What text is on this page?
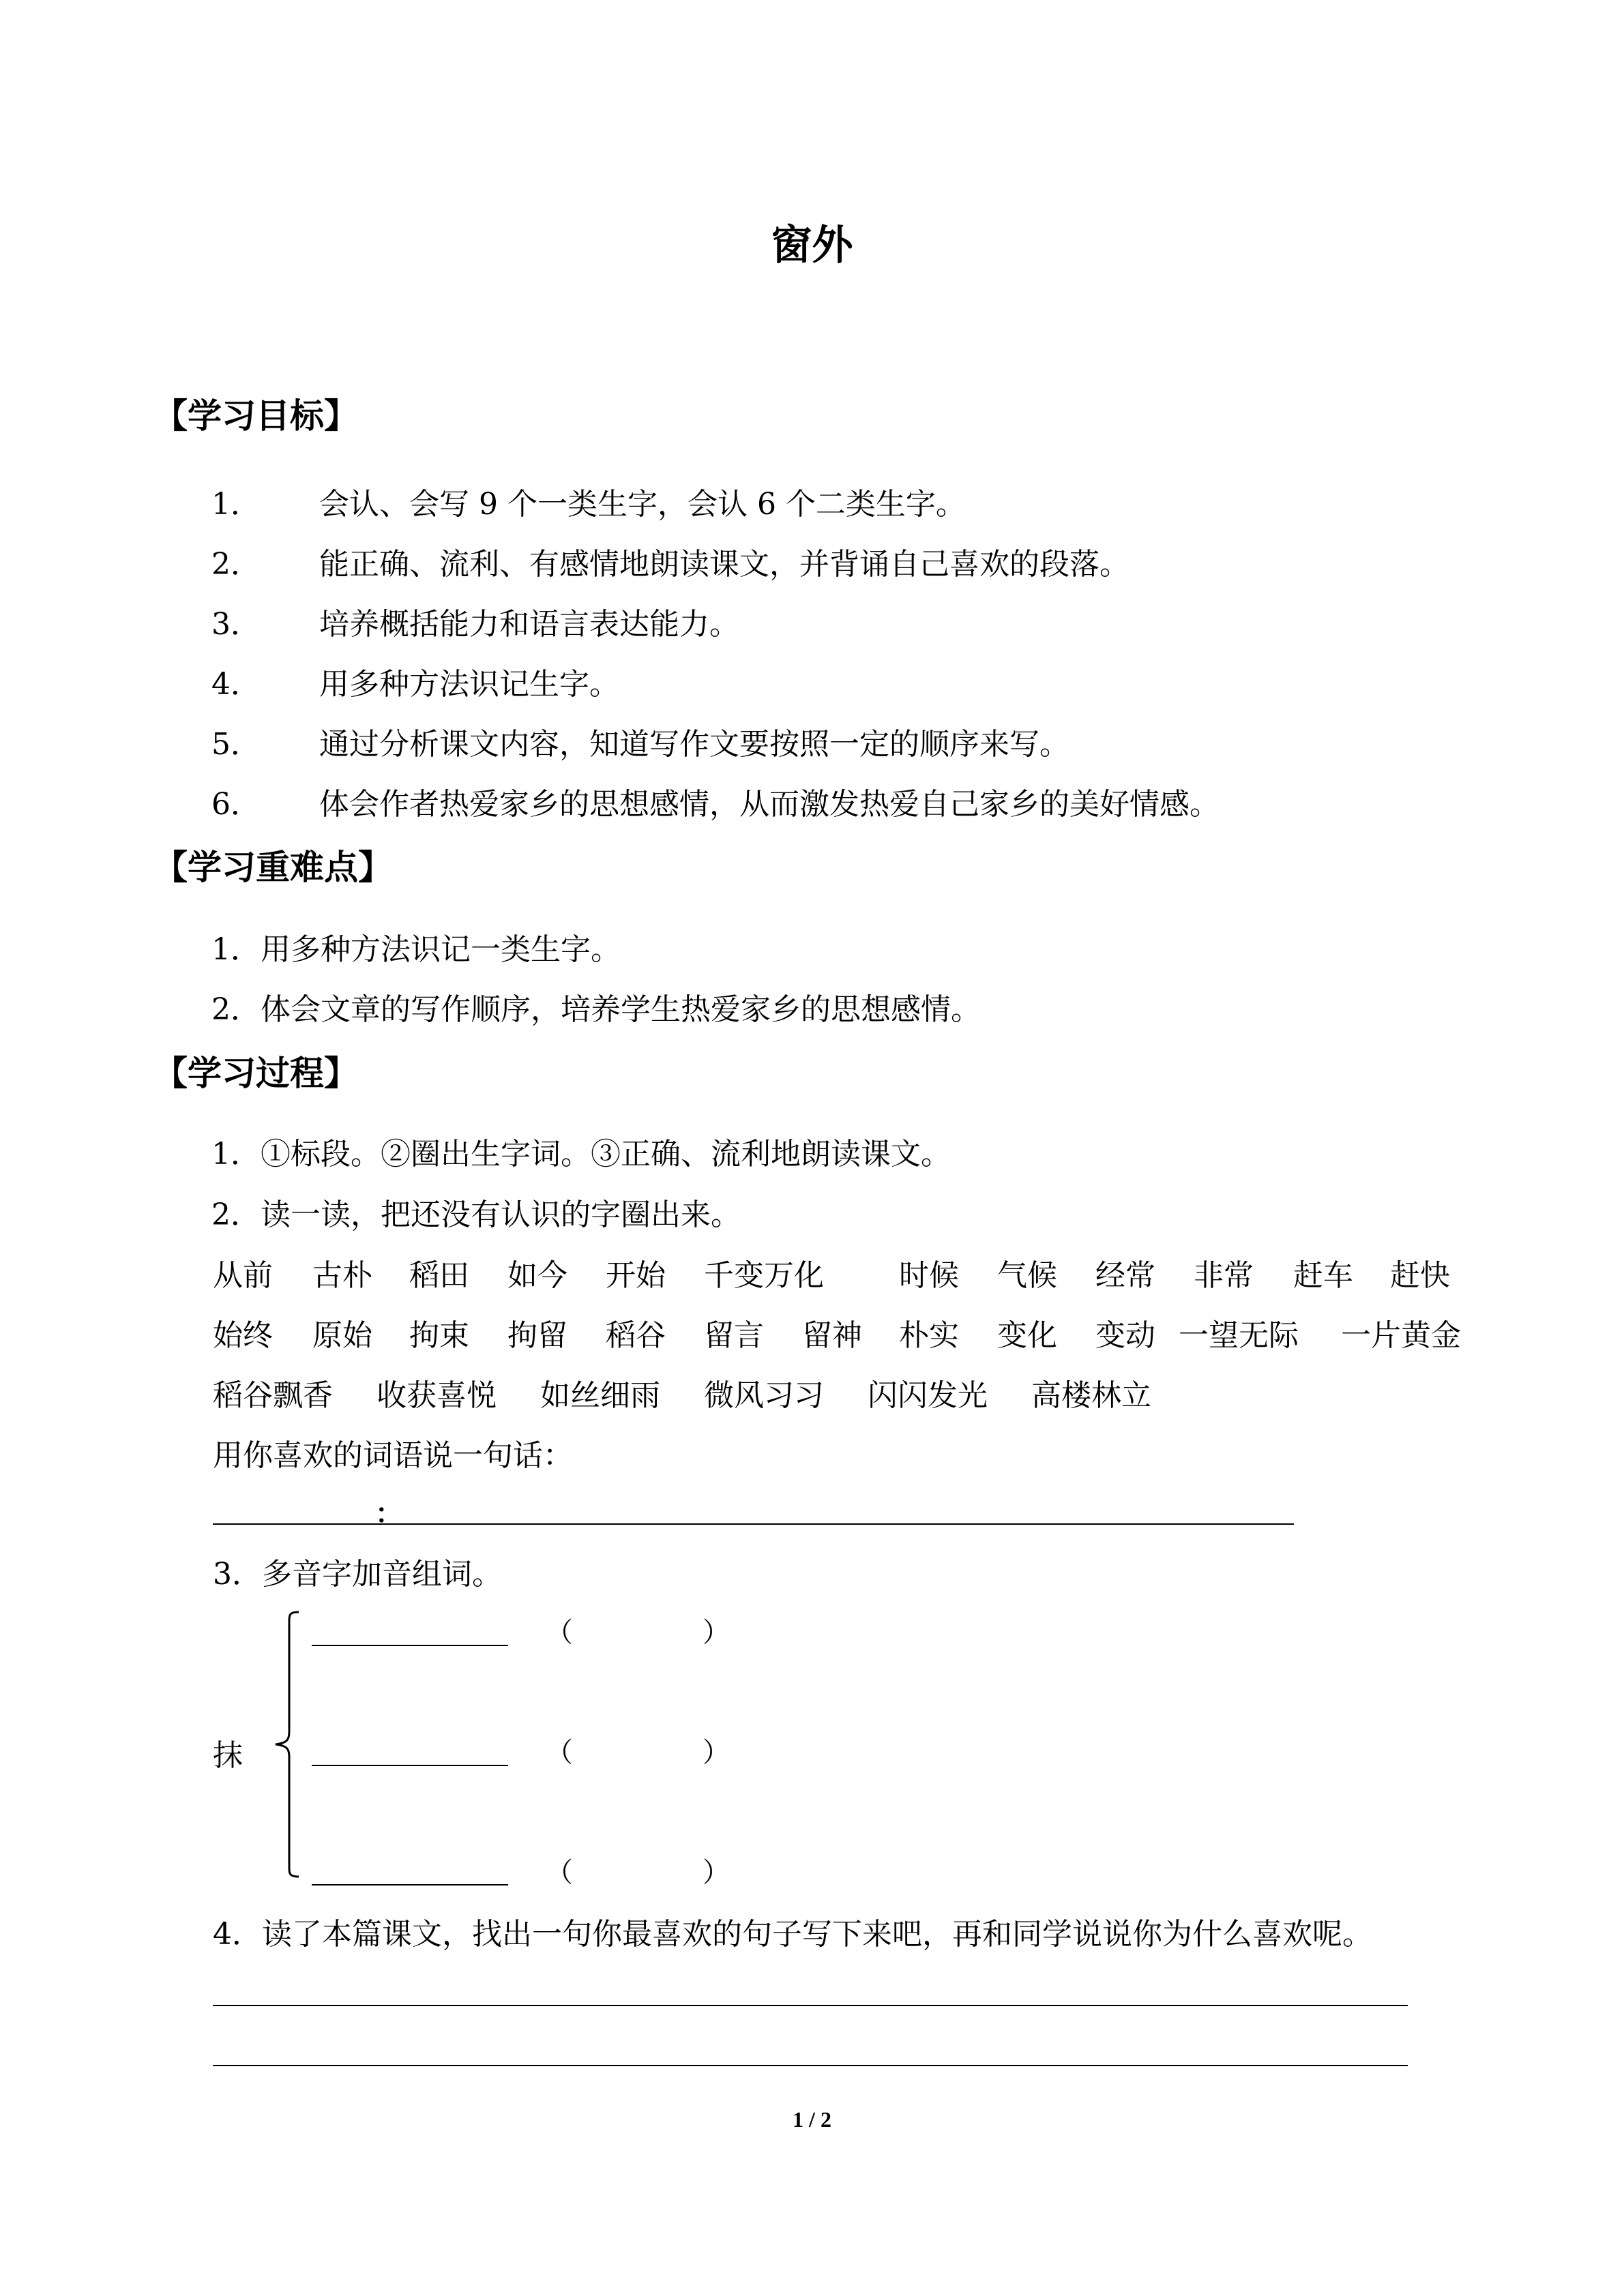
窗外
【学习目标】
1． 会认、会写 9 个一类生字，会认 6 个二类生字。
2． 能正确、流利、有感情地朗读课文，并背诵自己喜欢的段落。
3． 培养概括能力和语言表达能力。
4． 用多种方法识记生字。
5． 通过分析课文内容，知道写作文要按照一定的顺序来写。
6． 体会作者热爱家乡的思想感情，从而激发热爱自己家乡的美好情感。
【学习重难点】
1．用多种方法识记一类生字。
2．体会文章的写作顺序，培养学生热爱家乡的思想感情。
【学习过程】
1．①标段。②圈出生字词。③正确、流利地朗读课文。
2．读一读，把还没有认识的字圈出来。
从前 古朴 稻田 如今 开始 千变万化	时候 气候 经常 非常 赶车 赶快
始终 原始 拘束 拘留 稻谷 留言 留神 朴实 变化 变动 一望无际 一片黄金
稻谷飘香 收获喜悦 如丝细雨 微风习习 闪闪发光 高楼林立
用你喜欢的词语说一句话：
：
3．多音字加音组词。
抹
（	）
（	）
（	）
4．读了本篇课文，找出一句你最喜欢的句子写下来吧，再和同学说说你为什么喜欢呢。
1 / 2
